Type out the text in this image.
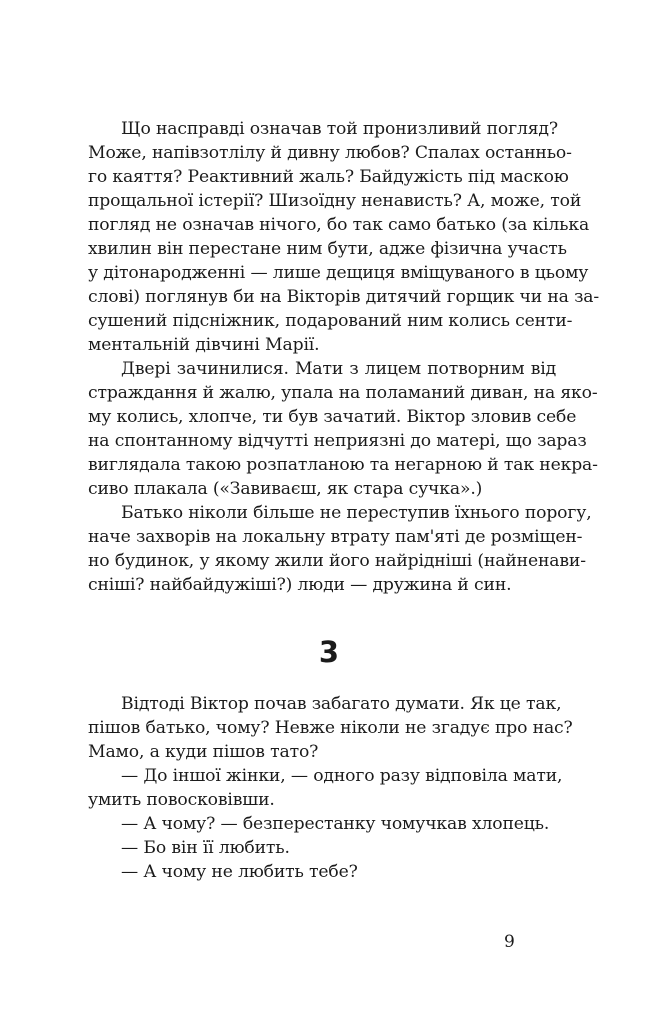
Що насправді означав той пронизливий погляд?
Може, напівзотлілу й дивну любов? Спалах останньо-
го каяття? Реактивний жаль? Байдужість під маскою
прощальної істерії? Шизоїдну ненависть? А, може, той
погляд не означав нічого, бо так само батько (за кілька
хвилин він перестане ним бути, адже фізична участь
у дітонародженні — лише дещиця вміщуваного в цьому
слові) поглянув би на Вікторів дитячий горщик чи на за-
сушений підсніжник, подарований ним колись сенти-
ментальній дівчині Марії.
Двері зачинилися. Мати з лицем потворним від
страждання й жалю, упала на поламаний диван, на яко-
му колись, хлопче, ти був зачатий. Віктор зловив себе
на спонтанному відчутті неприязні до матері, що зараз
виглядала такою розпатланою та негарною й так некра-
сиво плакала («Завиваєш, як стара сучка».)
Батько ніколи більше не переступив їхнього порогу,
наче захворів на локальну втрату пам'яті де розміщен-
но будинок, у якому жили його найрідніші (найненави-
сніші? найбайдужіші?) люди — дружина й син.
3
Відтоді Віктор почав забагато думати. Як це так,
пішов батько, чому? Невже ніколи не згадує про нас?
Мамо, а куди пішов тато?
— До іншої жінки, — одного разу відповіла мати,
умить повосковівши.
— А чому? — безперестанку чомучкав хлопець.
— Бо він її любить.
— А чому не любить тебе?
9
